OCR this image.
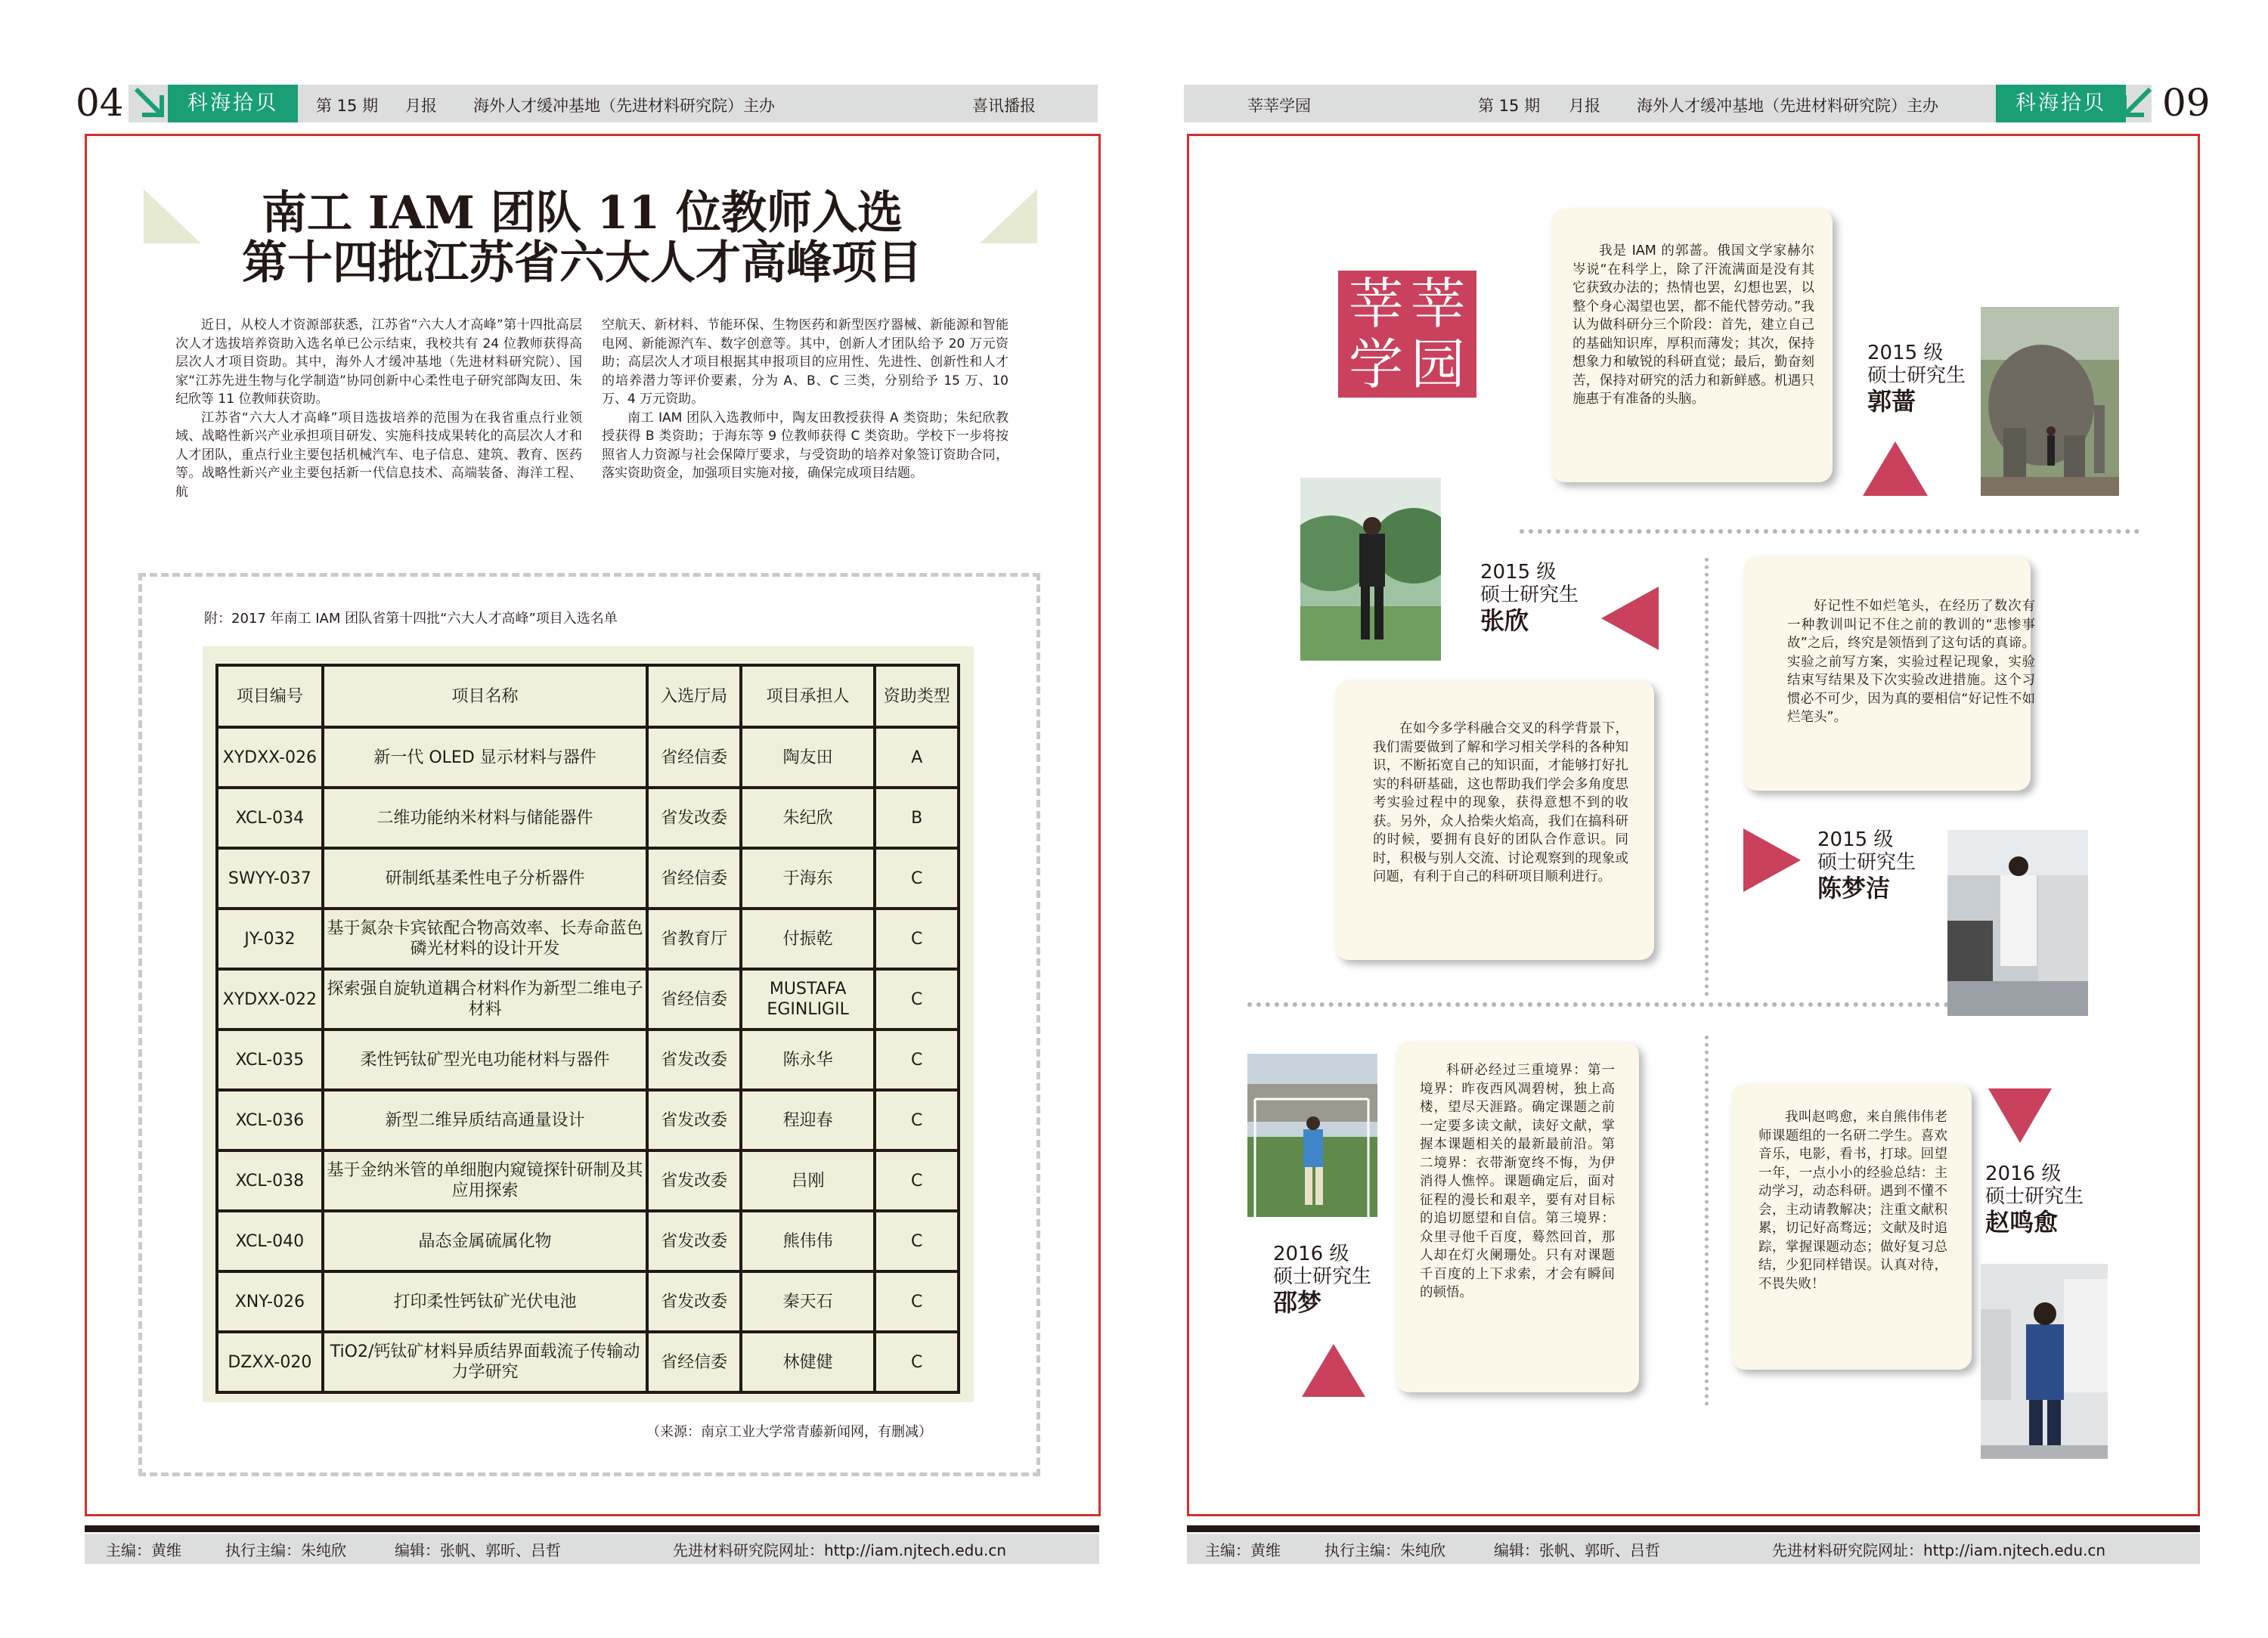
04	科海拾贝	第 15 期 月报 海外人才缓冲基地（先进材料研究院）主办	喜讯播报
南工 IAM 团队 11 位教师入选
第十四批江苏省六大人才高峰项目

近日，从校人才资源部获悉，江苏省“六大人才高峰”第十四批高层次人才选拔培养资助入选名单已公示结束，我校共有 24 位教师获得高层次人才项目资助。其中，海外人才缓冲基地（先进材料研究院）、国家“江苏先进生物与化学制造”协同创新中心柔性电子研究部陶友田、朱纪欣等 11 位教师获资助。

江苏省“六大人才高峰”项目选拔培养的范围为在我省重点行业领域、战略性新兴产业承担项目研发、实施科技成果转化的高层次人才和人才团队，重点行业主要包括机械汽车、电子信息、建筑、教育、医药等。战略性新兴产业主要包括新一代信息技术、高端装备、海洋工程、航

空航天、新材料、节能环保、生物医药和新型医疗器械、新能源和智能电网、新能源汽车、数字创意等。其中，创新人才团队给予 20 万元资助；高层次人才项目根据其申报项目的应用性、先进性、创新性和人才的培养潜力等评价要素，分为 A、B、C 三类，分别给予 15 万、10 万、4 万元资助。

南工 IAM 团队入选教师中，陶友田教授获得 A 类资助；朱纪欣教授获得 B 类资助；于海东等 9 位教师获得 C 类资助。学校下一步将按照省人力资源与社会保障厅要求，与受资助的培养对象签订资助合同，落实资助资金，加强项目实施对接，确保完成项目结题。

附：2017 年南工 IAM 团队省第十四批“六大人才高峰”项目入选名单
项目编号	项目名称	入选厅局	项目承担人	资助类型
XYDXX-026	新一代 OLED 显示材料与器件	省经信委	陶友田	A
XCL-034	二维功能纳米材料与储能器件	省发改委	朱纪欣	B
SWYY-037	研制纸基柔性电子分析器件	省经信委	于海东	C
JY-032	基于氮杂卡宾铱配合物高效率、长寿命蓝色磷光材料的设计开发	省教育厅	付振乾	C
XYDXX-022	探索强自旋轨道耦合材料作为新型二维电子材料	省经信委	MUSTAFA EGINLIGIL	C
XCL-035	柔性钙钛矿型光电功能材料与器件	省发改委	陈永华	C
XCL-036	新型二维异质结高通量设计	省发改委	程迎春	C
XCL-038	基于金纳米管的单细胞内窥镜探针研制及其应用探索	省发改委	吕刚	C
XCL-040	晶态金属硫属化物	省发改委	熊伟伟	C
XNY-026	打印柔性钙钛矿光伏电池	省发改委	秦天石	C
DZXX-020	TiO2/钙钛矿材料异质结界面载流子传输动力学研究	省经信委	林健健	C
（来源：南京工业大学常青藤新闻网，有删减）
主编：黄维	执行主编：朱纯欣	编辑：张帆、郭昕、吕哲	先进材料研究院网址：http://iam.njtech.edu.cn
莘莘学园	第 15 期 月报 海外人才缓冲基地（先进材料研究院）主办	科海拾贝	09
莘 莘
学 园

我是 IAM 的郭蔷。俄国文学家赫尔岑说“在科学上，除了汗流满面是没有其它获致办法的；热情也罢，幻想也罢，以整个身心渴望也罢，都不能代替劳动。”我认为做科研分三个阶段：首先，建立自己的基础知识库，厚积而薄发；其次，保持想象力和敏锐的科研直觉；最后，勤奋刻苦，保持对研究的活力和新鲜感。机遇只施惠于有准备的头脑。

2015 级
硕士研究生
郭蔷
2015 级
硕士研究生
张欣

在如今多学科融合交叉的科学背景下，我们需要做到了解和学习相关学科的各种知识，不断拓宽自己的知识面，才能够打好扎实的科研基础，这也帮助我们学会多角度思考实验过程中的现象，获得意想不到的收获。另外，众人拾柴火焰高，我们在搞科研的时候，要拥有良好的团队合作意识。同时，积极与别人交流、讨论观察到的现象或问题，有利于自己的科研项目顺利进行。

好记性不如烂笔头，在经历了数次有一种教训叫记不住之前的教训的“悲惨事故”之后，终究是领悟到了这句话的真谛。实验之前写方案，实验过程记现象，实验结束写结果及下次实验改进措施。这个习惯必不可少，因为真的要相信“好记性不如烂笔头”。

2015 级
硕士研究生
陈梦洁

科研必经过三重境界：第一境界：昨夜西风凋碧树，独上高楼，望尽天涯路。确定课题之前一定要多读文献，读好文献，掌握本课题相关的最新最前沿。第二境界：衣带渐宽终不悔，为伊消得人憔悴。课题确定后，面对征程的漫长和艰辛，要有对目标的追切愿望和自信。第三境界：众里寻他千百度，蓦然回首，那人却在灯火阑珊处。只有对课题千百度的上下求索，才会有瞬间的顿悟。

2016 级
硕士研究生
邵梦

我叫赵鸣愈，来自熊伟伟老师课题组的一名研二学生。喜欢音乐，电影，看书，打球。回望一年，一点小小的经验总结：主动学习，动态科研。遇到不懂不会，主动请教解决；注重文献积累，切记好高骛远；文献及时追踪，掌握课题动态；做好复习总结，少犯同样错误。认真对待，不畏失败！

2016 级
硕士研究生
赵鸣愈
主编：黄维	执行主编：朱纯欣	编辑：张帆、郭昕、吕哲	先进材料研究院网址：http://iam.njtech.edu.cn
